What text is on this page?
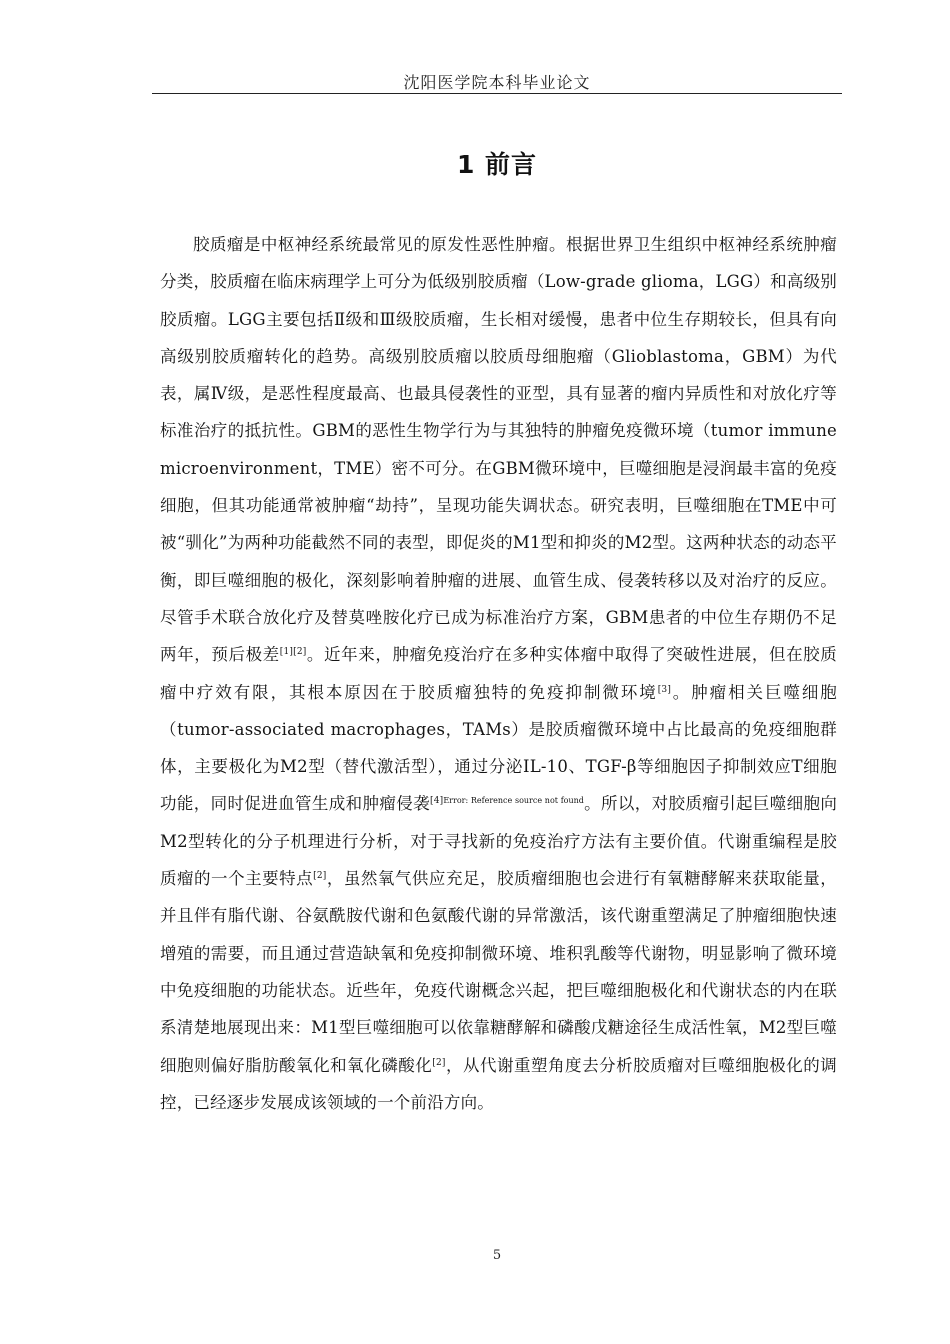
沈阳医学院本科毕业论文
1 前言

胶质瘤是中枢神经系统最常见的原发性恶性肿瘤。根据世界卫生组织中枢神经系统肿瘤分类，胶质瘤在临床病理学上可分为低级别胶质瘤（Low-grade glioma，LGG）和高级别胶质瘤。LGG主要包括Ⅱ级和Ⅲ级胶质瘤，生长相对缓慢，患者中位生存期较长，但具有向高级别胶质瘤转化的趋势。高级别胶质瘤以胶质母细胞瘤（Glioblastoma，GBM）为代表，属Ⅳ级，是恶性程度最高、也最具侵袭性的亚型，具有显著的瘤内异质性和对放化疗等标准治疗的抵抗性。GBM的恶性生物学行为与其独特的肿瘤免疫微环境（tumor immune microenvironment，TME）密不可分。在GBM微环境中，巨噬细胞是浸润最丰富的免疫细胞，但其功能通常被肿瘤“劫持”，呈现功能失调状态。研究表明，巨噬细胞在TME中可被“驯化”为两种功能截然不同的表型，即促炎的M1型和抑炎的M2型。这两种状态的动态平衡，即巨噬细胞的极化，深刻影响着肿瘤的进展、血管生成、侵袭转移以及对治疗的反应。尽管手术联合放化疗及替莫唑胺化疗已成为标准治疗方案，GBM患者的中位生存期仍不足两年，预后极差[1][2]。近年来，肿瘤免疫治疗在多种实体瘤中取得了突破性进展，但在胶质瘤中疗效有限，其根本原因在于胶质瘤独特的免疫抑制微环境[3]。肿瘤相关巨噬细胞（tumor-associated macrophages，TAMs）是胶质瘤微环境中占比最高的免疫细胞群体，主要极化为M2型（替代激活型），通过分泌IL-10、TGF-β等细胞因子抑制效应T细胞功能，同时促进血管生成和肿瘤侵袭$^{[4]Error: Reference source not found}$。所以，对胶质瘤引起巨噬细胞向M2型转化的分子机理进行分析，对于寻找新的免疫治疗方法有主要价值。代谢重编程是胶质瘤的一个主要特点[2]，虽然氧气供应充足，胶质瘤细胞也会进行有氧糖酵解来获取能量，并且伴有脂代谢、谷氨酰胺代谢和色氨酸代谢的异常激活，该代谢重塑满足了肿瘤细胞快速增殖的需要，而且通过营造缺氧和免疫抑制微环境、堆积乳酸等代谢物，明显影响了微环境中免疫细胞的功能状态。近些年，免疫代谢概念兴起，把巨噬细胞极化和代谢状态的内在联系清楚地展现出来：M1型巨噬细胞可以依靠糖酵解和磷酸戊糖途径生成活性氧，M2型巨噬细胞则偏好脂肪酸氧化和氧化磷酸化[2]，从代谢重塑角度去分析胶质瘤对巨噬细胞极化的调控，已经逐步发展成该领域的一个前沿方向。

5
